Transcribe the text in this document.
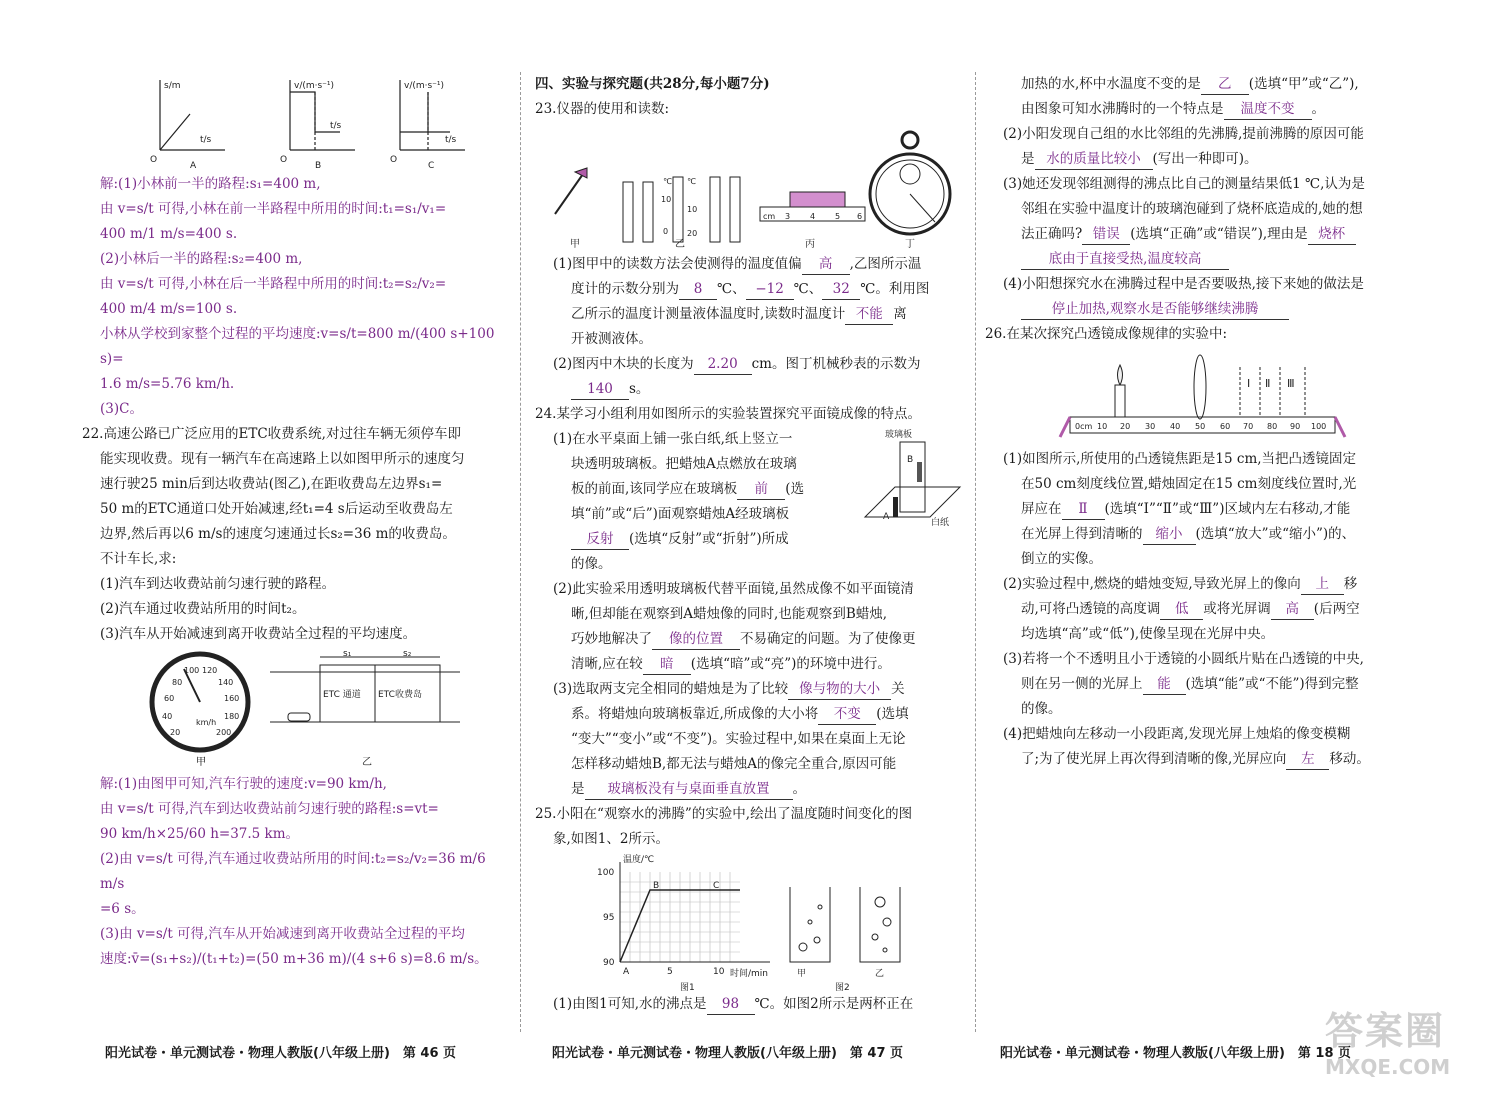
s/m
t/s
O
A
v/(m·s⁻¹)
t/s
O
B
v/(m·s⁻¹)
t/s
O
C

解:(1)小林前一半的路程:s₁=400 m,

由 v=s/t 可得,小林在前一半路程中所用的时间:t₁=s₁/v₁=

400 m/1 m/s=400 s.

(2)小林后一半的路程:s₂=400 m,

由 v=s/t 可得,小林在后一半路程中所用的时间:t₂=s₂/v₂=

400 m/4 m/s=100 s.

小林从学校到家整个过程的平均速度:v=s/t=800 m/(400 s+100 s)=

1.6 m/s=5.76 km/h.

(3)C。

22.高速公路已广泛应用的ETC收费系统,对过往车辆无须停车即

能实现收费。现有一辆汽车在高速路上以如图甲所示的速度匀

速行驶25 min后到达收费站(图乙),在距收费岛左边界s₁=

50 m的ETC通道口处开始减速,经t₁=4 s后运动至收费岛左

边界,然后再以6 m/s的速度匀速通过长s₂=36 m的收费岛。

不计车长,求:

(1)汽车到达收费站前匀速行驶的路程。

(2)汽车通过收费站所用的时间t₂。

(3)汽车从开始减速到离开收费站全过程的平均速度。

20
40
60
80
100 120
140
160
180
200
km/h
甲
s₁	s₂
ETC 通道 ETC收费岛
乙

解:(1)由图甲可知,汽车行驶的速度:v=90 km/h,

由 v=s/t 可得,汽车到达收费站前匀速行驶的路程:s=vt=

90 km/h×25/60 h=37.5 km。

(2)由 v=s/t 可得,汽车通过收费站所用的时间:t₂=s₂/v₂=36 m/6 m/s

=6 s。

(3)由 v=s/t 可得,汽车从开始减速到离开收费站全过程的平均

速度:v̄=(s₁+s₂)/(t₁+t₂)=(50 m+36 m)/(4 s+6 s)=8.6 m/s。

四、实验与探究题(共28分,每小题7分)

23.仪器的使用和读数:

℃
10
0
℃
10
20
cm 3 4 5 6
甲	乙	丙	丁

(1)图甲中的读数方法会使测得的温度值偏 高 ,乙图所示温

度计的示数分别为 8 ℃、 −12 ℃、 32 ℃。利用图

乙所示的温度计测量液体温度时,读数时温度计 不能 离

开被测液体。

(2)图丙中木块的长度为 2.20 cm。图丁机械秒表的示数为

140 s。

24.某学习小组利用如图所示的实验装置探究平面镜成像的特点。

玻璃板
白纸
A
B

(1)在水平桌面上铺一张白纸,纸上竖立一

块透明玻璃板。把蜡烛A点燃放在玻璃

板的前面,该同学应在玻璃板 前 (选

填“前”或“后”)面观察蜡烛A经玻璃板

反射 (选填“反射”或“折射”)所成

的像。

(2)此实验采用透明玻璃板代替平面镜,虽然成像不如平面镜清

晰,但却能在观察到A蜡烛像的同时,也能观察到B蜡烛,

巧妙地解决了 像的位置 不易确定的问题。为了使像更

清晰,应在较 暗 (选填“暗”或“亮”)的环境中进行。

(3)选取两支完全相同的蜡烛是为了比较 像与物的大小 关

系。将蜡烛向玻璃板靠近,所成像的大小将 不变 (选填

“变大”“变小”或“不变”)。实验过程中,如果在桌面上无论

怎样移动蜡烛B,都无法与蜡烛A的像完全重合,原因可能

是 玻璃板没有与桌面垂直放置 。

25.小阳在“观察水的沸腾”的实验中,绘出了温度随时间变化的图

象,如图1、2所示。

温度/℃
100
95
90
5	10 时间/min
A
B	C
甲	乙
图1	图2

(1)由图1可知,水的沸点是 98 ℃。如图2所示是两杯正在

加热的水,杯中水温度不变的是 乙 (选填“甲”或“乙”),

由图象可知水沸腾时的一个特点是 温度不变 。

(2)小阳发现自己组的水比邻组的先沸腾,提前沸腾的原因可能

是 水的质量比较小 (写出一种即可)。

(3)她还发现邻组测得的沸点比自己的测量结果低1 ℃,认为是

邻组在实验中温度计的玻璃泡碰到了烧杯底造成的,她的想

法正确吗? 错误 (选填“正确”或“错误”),理由是 烧杯

底由于直接受热,温度较高

(4)小阳想探究水在沸腾过程中是否要吸热,接下来她的做法是

停止加热,观察水是否能够继续沸腾

26.在某次探究凸透镜成像规律的实验中:

0cm 10 20 30 40 50 60 70 80 90 100
Ⅰ Ⅱ Ⅲ

(1)如图所示,所使用的凸透镜焦距是15 cm,当把凸透镜固定

在50 cm刻度线位置,蜡烛固定在15 cm刻度线位置时,光

屏应在 Ⅱ (选填“Ⅰ”“Ⅱ”或“Ⅲ”)区域内左右移动,才能

在光屏上得到清晰的 缩小 (选填“放大”或“缩小”)的、

倒立的实像。

(2)实验过程中,燃烧的蜡烛变短,导致光屏上的像向 上 移

动,可将凸透镜的高度调 低 或将光屏调 高 (后两空

均选填“高”或“低”),使像呈现在光屏中央。

(3)若将一个不透明且小于透镜的小圆纸片贴在凸透镜的中央,

则在另一侧的光屏上 能 (选填“能”或“不能”)得到完整

的像。

(4)把蜡烛向左移动一小段距离,发现光屏上烛焰的像变模糊

了;为了使光屏上再次得到清晰的像,光屏应向 左 移动。

阳光试卷・单元测试卷・物理人教版(八年级上册)　第 46 页	阳光试卷・单元测试卷・物理人教版(八年级上册)　第 47 页	阳光试卷・单元测试卷・物理人教版(八年级上册)　第 18 页
答案圈
MXQE.COM
